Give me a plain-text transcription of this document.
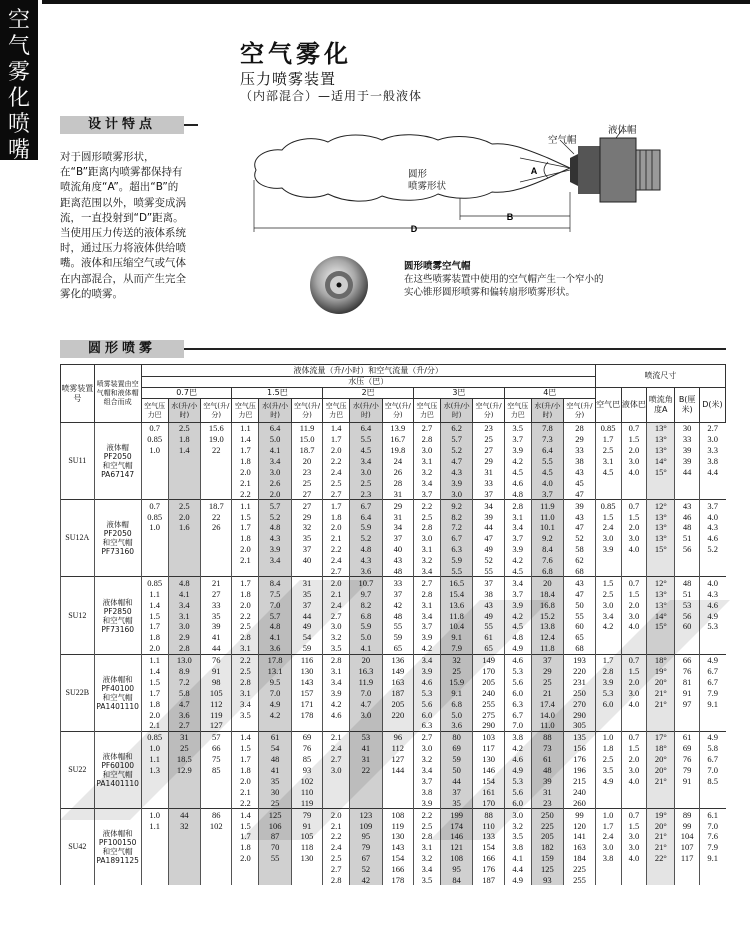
空气雾化喷嘴
空气雾化
压力喷雾装置
（内部混合）—适用于一般液体
设计特点

对于圆形喷雾形状，在“B”距离内喷雾都保持有喷流角度“A”。超出“B”的距离范围以外，喷雾变成涡流，一直投射到“D”距离。

当使用压力传送的液体系统时，通过压力将液体供给喷嘴。液体和压缩空气或气体在内部混合，从而产生完全雾化的喷雾。

B
D
A
空气帽
液体帽
圆形
喷雾形状
圆形喷雾空气帽
在这些喷雾装置中使用的空气帽产生一个窄小的实心锥形圆形喷雾和偏转扇形喷雾形状。
圆形喷雾
喷雾装置号	喷雾装置由空气帽和液体帽组合而成	液体流量（升/小时）和空气流量（升/分）															喷流尺寸				
		水压（巴）																			
		0.7巴			1.5巴			2巴			3巴			4巴			空气巴	液体巴	喷流角度A	B(厘米)	D(米)
		空气压力巴	水(升/小时)	空气(升/分)	空气压力巴	水(升/小时)	空气(升/分)	空气压力巴	水(升/小时)	空气(升/分)	空气压力巴	水(升/小时)	空气(升/分)	空气压力巴	水(升/小时)	空气(升/分)					
SU11	液体帽
PF2050
和空气帽
PA67147	0.7	2.5	15.6	1.1	6.4	11.9	1.4	6.4	13.9	2.7	6.2	23	3.5	7.8	28	0.85	0.7	13°	30	2.7
		0.85	1.8	19.0	1.4	5.0	15.0	1.7	5.5	16.7	2.8	5.7	25	3.7	7.3	29	1.7	1.5	13°	33	3.0
		1.0	1.4	22	1.7	4.1	18.7	2.0	4.5	19.8	3.0	5.2	27	3.9	6.4	33	2.5	2.0	13°	39	3.3
					1.8	3.4	20	2.2	3.4	24	3.1	4.7	29	4.2	5.5	38	3.1	3.0	14°	39	3.8
					2.0	3.0	23	2.4	3.0	26	3.2	4.3	31	4.5	4.5	43	4.5	4.0	15°	44	4.4
					2.1	2.6	25	2.5	2.5	28	3.4	3.9	33	4.6	4.0	45					
					2.2	2.0	27	2.7	2.3	31	3.7	3.0	37	4.8	3.7	47					
SU12A	液体帽
PF2050
和空气帽
PF73160	0.7	2.5	18.7	1.1	5.7	27	1.7	6.7	29	2.2	9.2	34	2.8	11.9	39	0.85	0.7	12°	43	3.7
		0.85	2.0	22	1.5	5.2	29	1.8	6.4	31	2.5	8.2	39	3.1	11.0	43	1.5	1.5	13°	46	4.0
		1.0	1.6	26	1.7	4.8	32	2.0	5.9	34	2.8	7.2	44	3.4	10.1	47	2.4	2.0	13°	48	4.3
					1.8	4.3	35	2.1	5.2	37	3.0	6.7	47	3.7	9.2	52	3.0	3.0	13°	51	4.6
					2.0	3.9	37	2.2	4.8	40	3.1	6.3	49	3.9	8.4	58	3.9	4.0	15°	56	5.2
					2.1	3.4	40	2.4	4.3	43	3.2	5.9	52	4.2	7.6	62					
								2.7	3.6	48	3.4	5.5	55	4.5	6.8	68					
SU12	液体帽和
PF2850
和空气帽
PF73160	0.85	4.8	21	1.7	8.4	31	2.0	10.7	33	2.7	16.5	37	3.4	20	43	1.5	0.7	12°	48	4.0
		1.1	4.1	27	1.8	7.5	35	2.1	9.7	37	2.8	15.4	38	3.7	18.4	47	2.5	1.5	13°	51	4.3
		1.4	3.4	33	2.0	7.0	37	2.4	8.2	42	3.1	13.6	43	3.9	16.8	50	3.0	2.0	13°	53	4.6
		1.5	3.1	35	2.2	5.7	44	2.7	6.8	48	3.4	11.8	49	4.2	15.2	55	3.4	3.0	14°	56	4.9
		1.7	3.0	39	2.5	4.8	49	3.0	5.9	55	3.7	10.4	55	4.5	13.8	60	4.2	4.0	15°	60	5.3
		1.8	2.9	41	2.8	4.1	54	3.2	5.0	59	3.9	9.1	61	4.8	12.4	65					
		2.0	2.8	44	3.1	3.6	59	3.5	4.1	65	4.2	7.9	65	4.9	11.8	68					
SU22B	液体帽和
PF40100
和空气帽
PA1401110	1.1	13.0	76	2.2	17.8	116	2.8	20	136	3.4	32	149	4.6	37	193	1.7	0.7	18°	66	4.9
		1.4	8.9	91	2.5	13.1	130	3.1	16.3	149	3.9	25	170	5.3	29	220	2.8	1.5	19°	76	6.7
		1.5	7.2	98	2.8	9.5	143	3.4	11.9	163	4.6	15.9	205	5.6	25	231	3.9	2.0	20°	81	6.7
		1.7	5.8	105	3.1	7.0	157	3.9	7.0	187	5.3	9.1	240	6.0	21	250	5.3	3.0	21°	91	7.9
		1.8	4.7	112	3.4	4.9	171	4.2	4.7	205	5.6	6.8	255	6.3	17.4	270	6.0	4.0	21°	97	9.1
		2.0	3.6	119	3.5	4.2	178	4.6	3.0	220	6.0	5.0	275	6.7	14.0	290					
		2.1	2.7	127							6.3	3.6	290	7.0	11.0	305					
SU22	液体帽和
PF60100
和空气帽
PA1401110	0.85	31	57	1.4	61	69	2.1	53	96	2.7	80	103	3.8	88	135	1.0	0.7	17°	61	4.9
		1.0	25	66	1.5	54	76	2.4	41	112	3.0	69	117	4.2	73	156	1.8	1.5	18°	69	5.8
		1.1	18.5	75	1.7	48	85	2.7	31	127	3.2	59	130	4.6	61	176	2.5	2.0	20°	76	6.7
		1.3	12.9	85	1.8	41	93	3.0	22	144	3.4	50	146	4.9	48	196	3.5	3.0	20°	79	7.0
					2.0	35	102				3.7	44	154	5.3	39	215	4.9	4.0	21°	91	8.5
					2.1	30	110				3.8	37	161	5.6	31	240					
					2.2	25	119				3.9	35	170	6.0	23	260					
SU42	液体帽和
PF100150
和空气帽
PA1891125	1.0	44	86	1.4	125	79	2.0	123	108	2.2	199	88	3.0	250	99	1.0	0.7	19°	89	6.1
		1.1	32	102	1.5	106	91	2.1	109	119	2.5	174	110	3.2	225	120	1.7	1.5	20°	99	7.0
					1.7	87	105	2.2	95	130	2.8	146	133	3.5	205	141	2.4	3.0	21°	104	7.6
					1.8	70	118	2.4	79	143	3.1	121	154	3.8	182	163	3.0	3.0	21°	107	7.9
					2.0	55	130	2.5	67	154	3.2	108	166	4.1	159	184	3.8	4.0	22°	117	9.1
								2.7	52	166	3.4	95	176	4.4	125	225					
								2.8	42	178	3.5	84	187	4.9	93	255					
